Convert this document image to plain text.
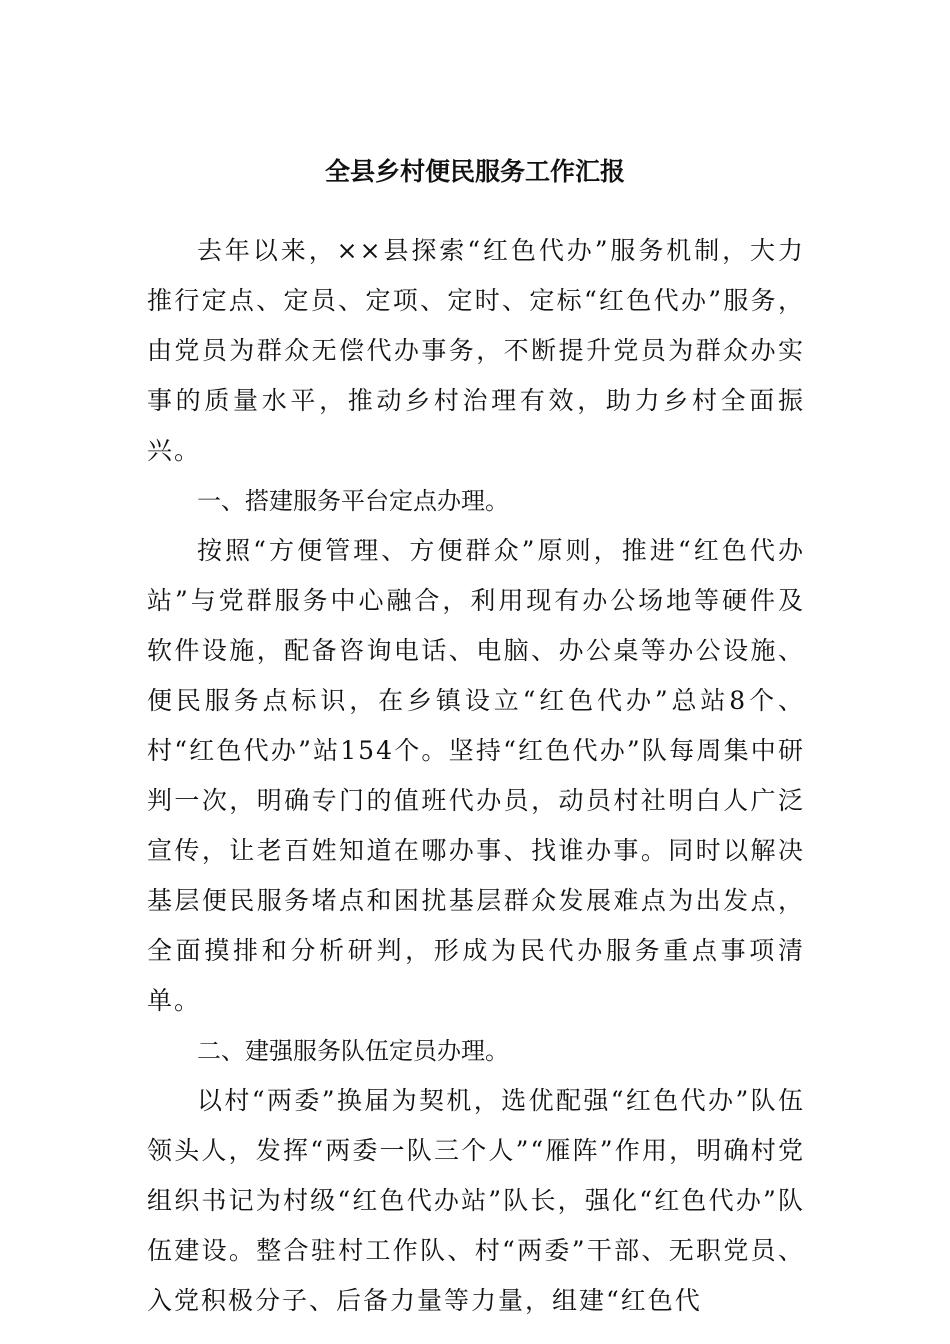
全县乡村便民服务工作汇报

去年以来，××县探索“红色代办”服务机制，大力推行定点、定员、定项、定时、定标“红色代办”服务，由党员为群众无偿代办事务，不断提升党员为群众办实事的质量水平，推动乡村治理有效，助力乡村全面振兴。

一、搭建服务平台定点办理。

按照“方便管理、方便群众”原则，推进“红色代办站”与党群服务中心融合，利用现有办公场地等硬件及软件设施，配备咨询电话、电脑、办公桌等办公设施、便民服务点标识，在乡镇设立“红色代办”总站8个、村“红色代办”站154个。坚持“红色代办”队每周集中研判一次，明确专门的值班代办员，动员村社明白人广泛宣传，让老百姓知道在哪办事、找谁办事。同时以解决基层便民服务堵点和困扰基层群众发展难点为出发点，全面摸排和分析研判，形成为民代办服务重点事项清单。

二、建强服务队伍定员办理。

以村“两委”换届为契机，选优配强“红色代办”队伍领头人，发挥“两委一队三个人”“雁阵”作用，明确村党组织书记为村级“红色代办站”队长，强化“红色代办”队伍建设。整合驻村工作队、村“两委”干部、无职党员、入党积极分子、后备力量等力量，组建“红色代
